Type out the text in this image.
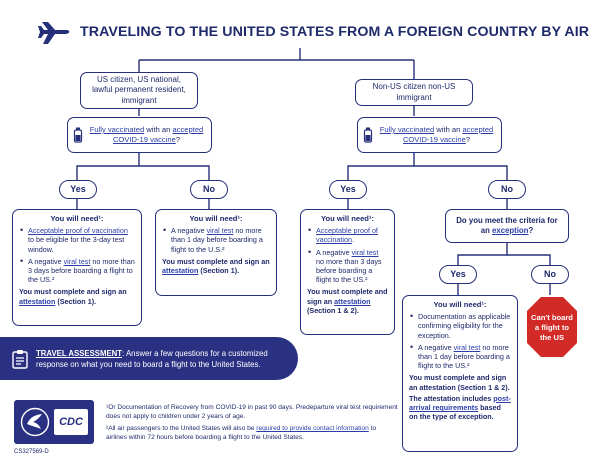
TRAVELING TO THE UNITED STATES FROM A FOREIGN COUNTRY BY AIR
US citizen, US national, lawful permanent resident, immigrant
Fully vaccinated with an accepted COVID-19 vaccine?
Yes	No
You will need¹:
• Acceptable proof of vaccination to be eligible for the 3-day test window.
• A negative viral test no more than 3 days before boarding a flight to the US.²

You must complete and sign an attestation (Section 1).

You will need¹:
• A negative viral test no more than 1 day before boarding a flight to the U.S.²

You must complete and sign an attestation (Section 1).

Non-US citizen non-US immigrant
Fully vaccinated with an accepted COVID-19 vaccine?
Yes	No
You will need¹:
• Acceptable proof of vaccination.
• A negative viral test no more than 3 days before boarding a flight to the US.²

You must complete and sign an attestation (Section 1 & 2).

Do you meet the criteria for an exception?
Yes	No
You will need¹:
• Documentation as applicable confirming eligibility for the exception.
• A negative viral test no more than 1 day before boarding a flight to the US.²

You must complete and sign an attestation (Section 1 & 2).

The attestation includes post-arrival requirements based on the type of exception.

Can't board a flight to the US
TRAVEL ASSESSMENT: Answer a few questions for a customized response on what you need to board a flight to the United States.
CDC
CS327569-D

¹Or Documentation of Recovery from COVID-19 in past 90 days. Predeparture viral test requirement does not apply to children under 2 years of age.

²All air passengers to the United States will also be required to provide contact information to airlines within 72 hours before boarding a flight to the United States.
